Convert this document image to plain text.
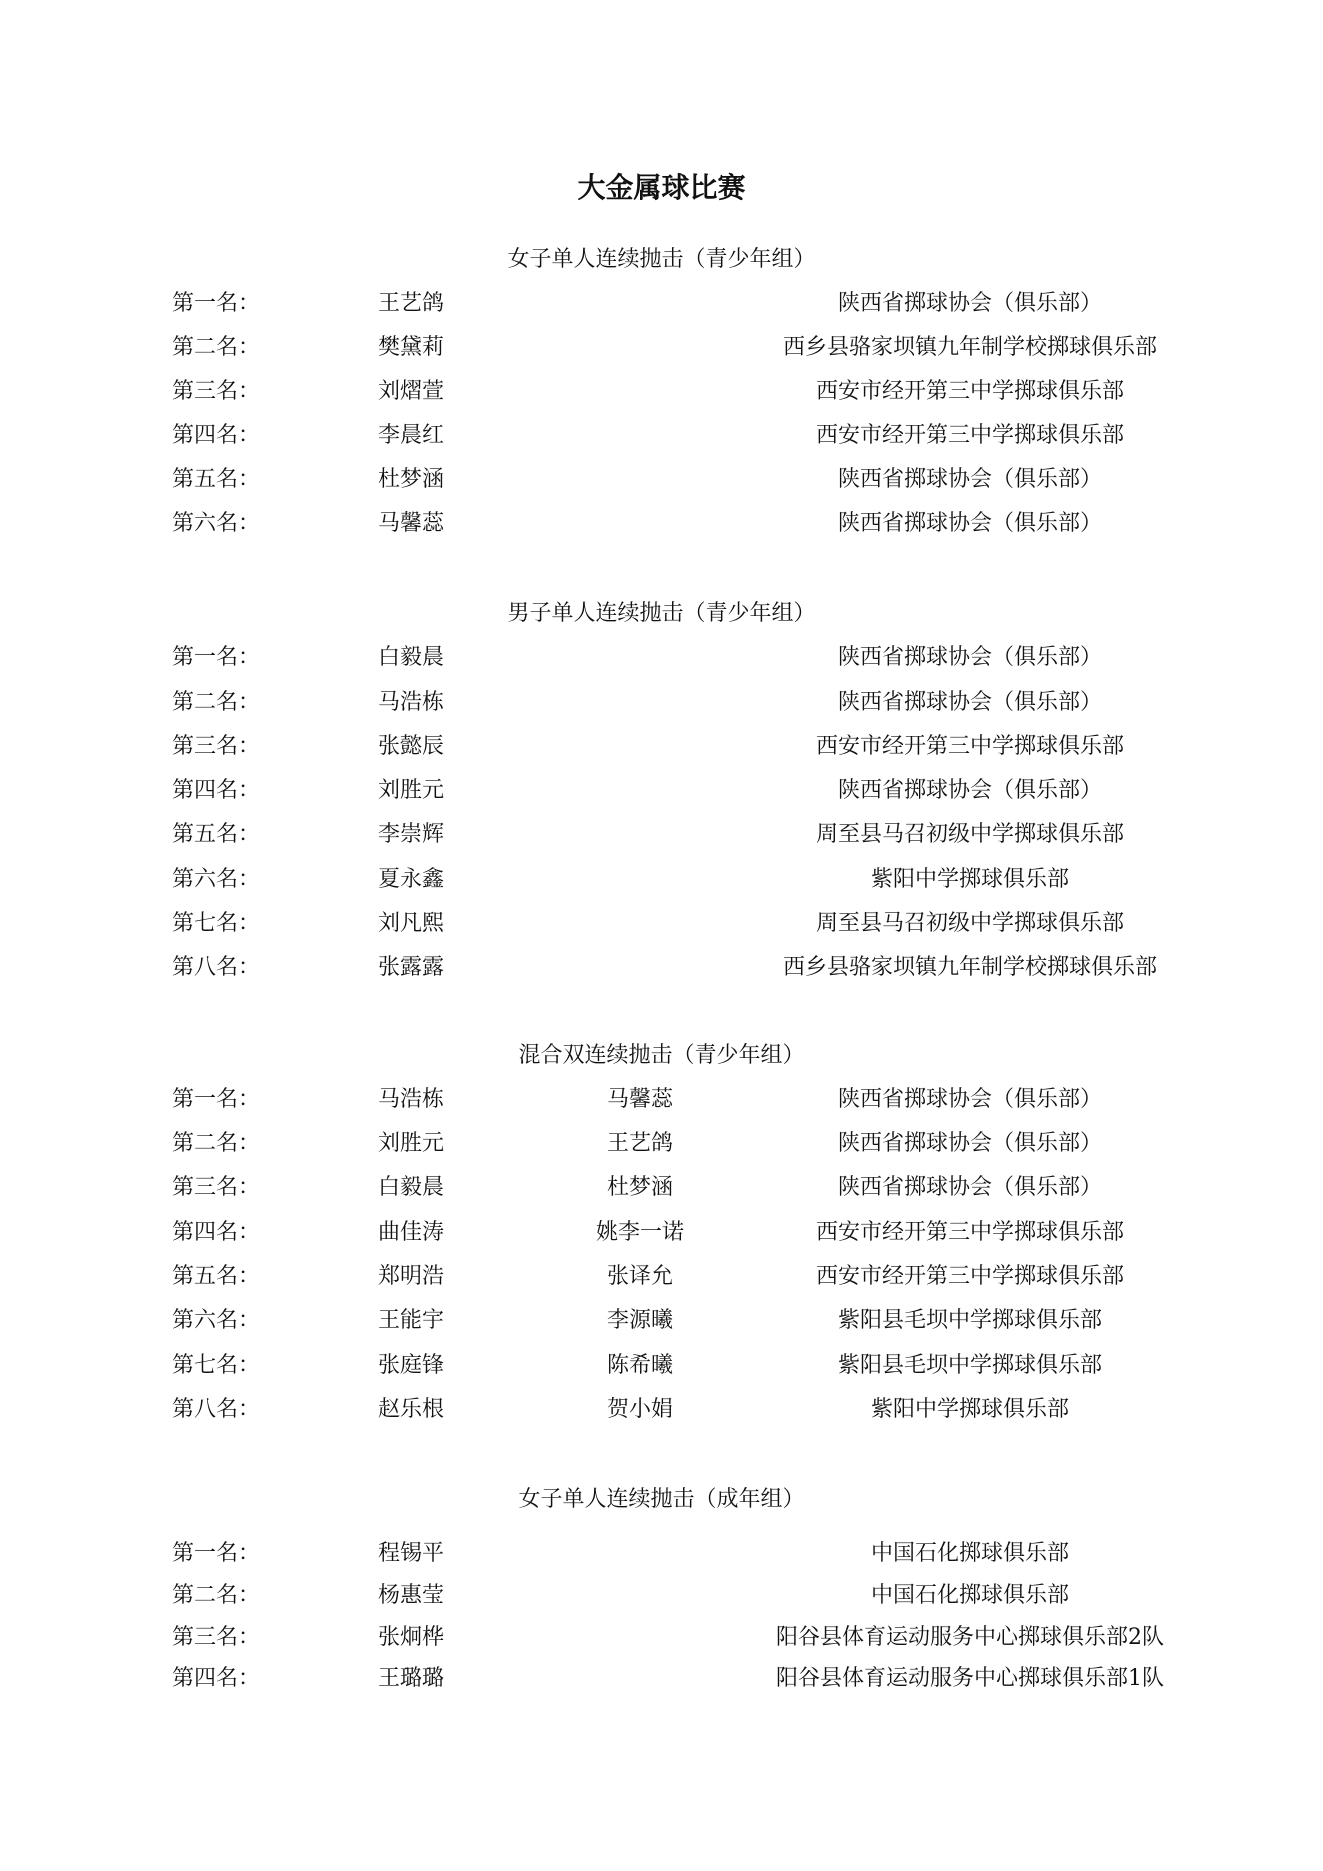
大金属球比赛
女子单人连续抛击（青少年组）
第一名：	王艺鸽	陕西省掷球协会（俱乐部）
第二名：	樊黛莉	西乡县骆家坝镇九年制学校掷球俱乐部
第三名：	刘熠萱	西安市经开第三中学掷球俱乐部
第四名：	李晨红	西安市经开第三中学掷球俱乐部
第五名：	杜梦涵	陕西省掷球协会（俱乐部）
第六名：	马馨蕊	陕西省掷球协会（俱乐部）
男子单人连续抛击（青少年组）
第一名：	白毅晨	陕西省掷球协会（俱乐部）
第二名：	马浩栋	陕西省掷球协会（俱乐部）
第三名：	张懿辰	西安市经开第三中学掷球俱乐部
第四名：	刘胜元	陕西省掷球协会（俱乐部）
第五名：	李崇辉	周至县马召初级中学掷球俱乐部
第六名：	夏永鑫	紫阳中学掷球俱乐部
第七名：	刘凡熙	周至县马召初级中学掷球俱乐部
第八名：	张露露	西乡县骆家坝镇九年制学校掷球俱乐部
混合双连续抛击（青少年组）
第一名：	马浩栋	马馨蕊	陕西省掷球协会（俱乐部）
第二名：	刘胜元	王艺鸽	陕西省掷球协会（俱乐部）
第三名：	白毅晨	杜梦涵	陕西省掷球协会（俱乐部）
第四名：	曲佳涛	姚李一诺	西安市经开第三中学掷球俱乐部
第五名：	郑明浩	张译允	西安市经开第三中学掷球俱乐部
第六名：	王能宇	李源曦	紫阳县毛坝中学掷球俱乐部
第七名：	张庭锋	陈希曦	紫阳县毛坝中学掷球俱乐部
第八名：	赵乐根	贺小娟	紫阳中学掷球俱乐部
女子单人连续抛击（成年组）
第一名：	程锡平	中国石化掷球俱乐部
第二名：	杨惠莹	中国石化掷球俱乐部
第三名：	张炯桦	阳谷县体育运动服务中心掷球俱乐部2队
第四名：	王璐璐	阳谷县体育运动服务中心掷球俱乐部1队
